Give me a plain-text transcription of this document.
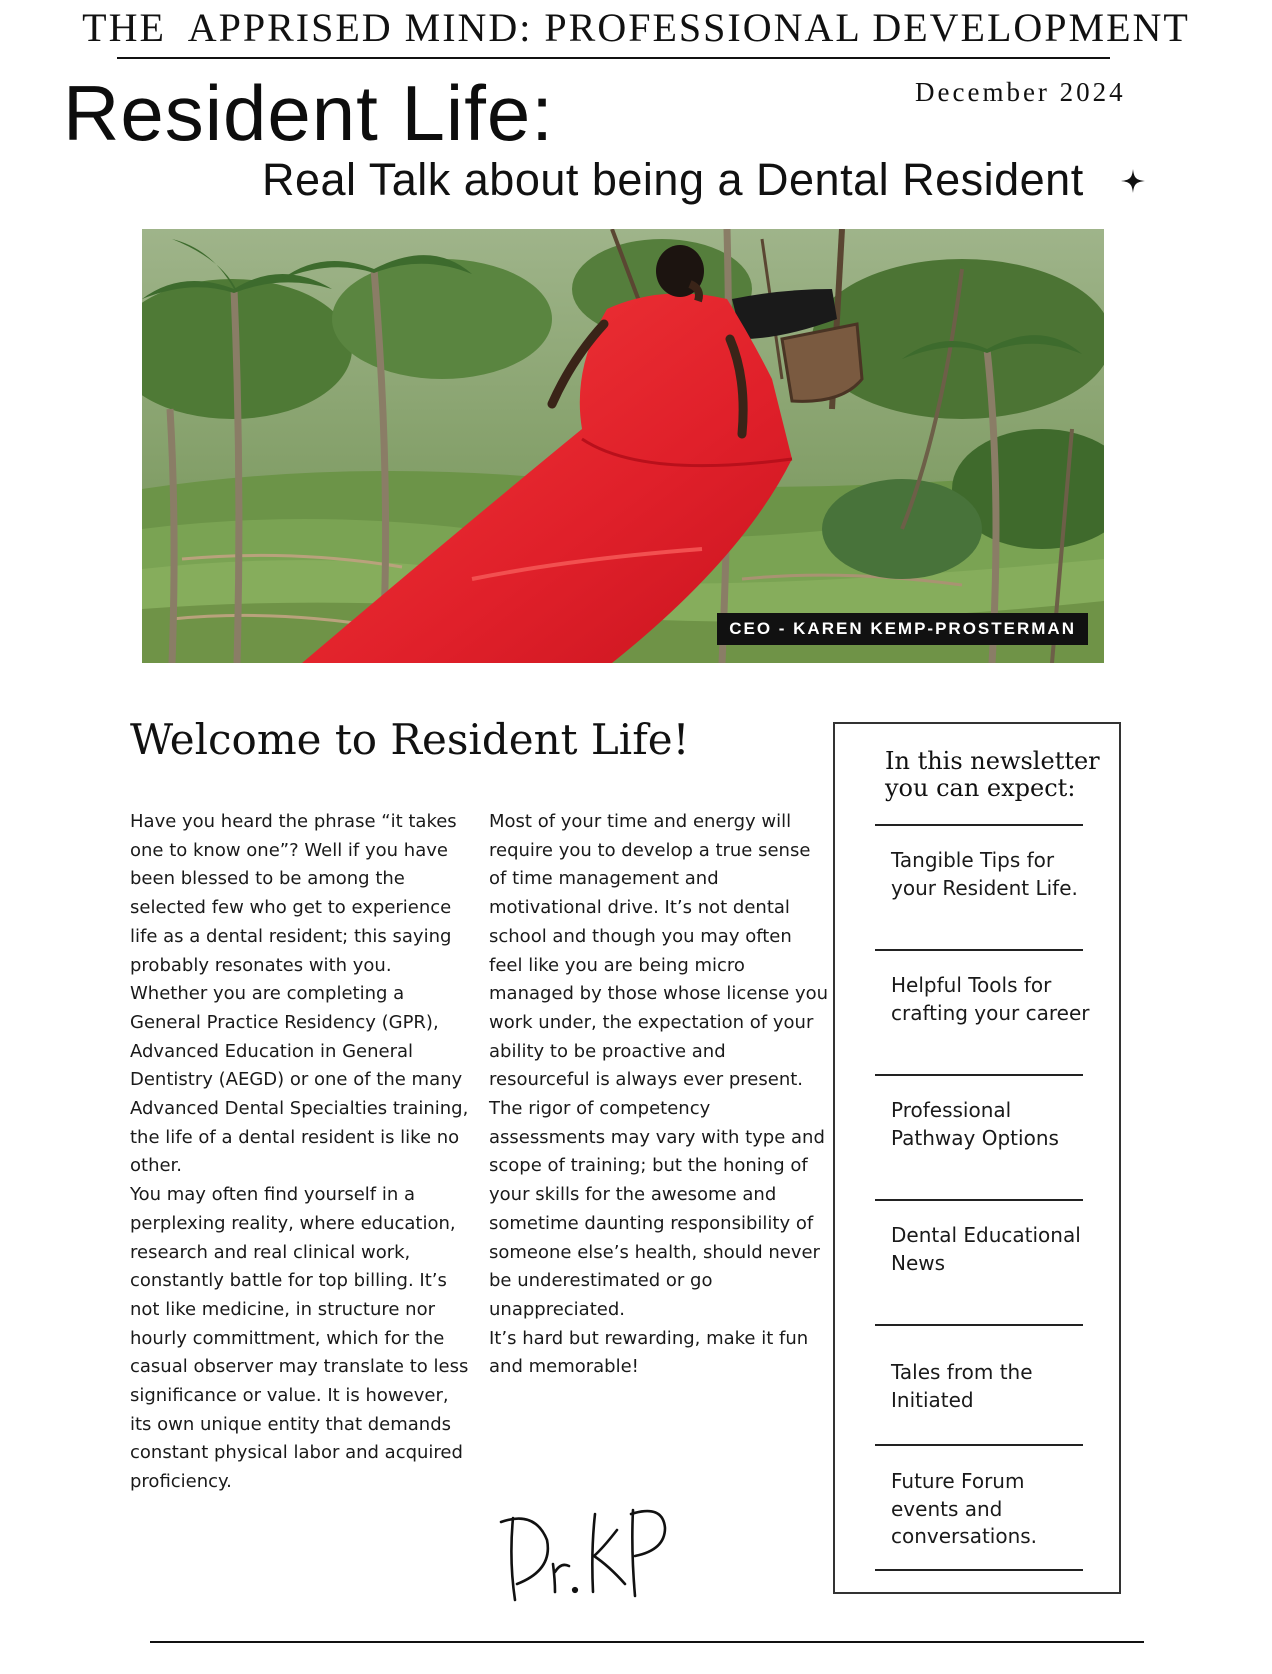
THE  APPRISED MIND: PROFESSIONAL DEVELOPMENT
December 2024
Resident Life:
Real Talk about being a Dental Resident
CEO - KAREN KEMP-PROSTERMAN
Welcome to Resident Life!

Have you heard the phrase “it takes one to know one”? Well if you have been blessed to be among the selected few who get to experience life as a dental resident; this saying probably resonates with you.

Whether you are completing a General Practice Residency (GPR), Advanced Education in General Dentistry (AEGD) or one of the many Advanced Dental Specialties training, the life of a dental resident is like no other.

You may often find yourself in a perplexing reality, where education, research and real clinical work, constantly battle for top billing. It’s not like medicine, in structure nor hourly committment, which for the casual observer may translate to less significance or value. It is however, its own unique entity that demands constant physical labor and acquired proficiency.

Most of your time and energy will require you to develop a true sense of time management and motivational drive. It’s not dental school and though you may often feel like you are being micro managed by those whose license you work under, the expectation of your ability to be proactive and resourceful is always ever present.

The rigor of competency assessments may vary with type and scope of training; but the honing of your skills for the awesome and sometime daunting responsibility of someone else’s health, should never be underestimated or go unappreciated.

It’s hard but rewarding, make it fun and memorable!

In this newsletter you can expect:
Tangible Tips for your Resident Life.
Helpful Tools for crafting your career
Professional Pathway Options
Dental Educational News
Tales from the Initiated
Future Forum events and conversations.
